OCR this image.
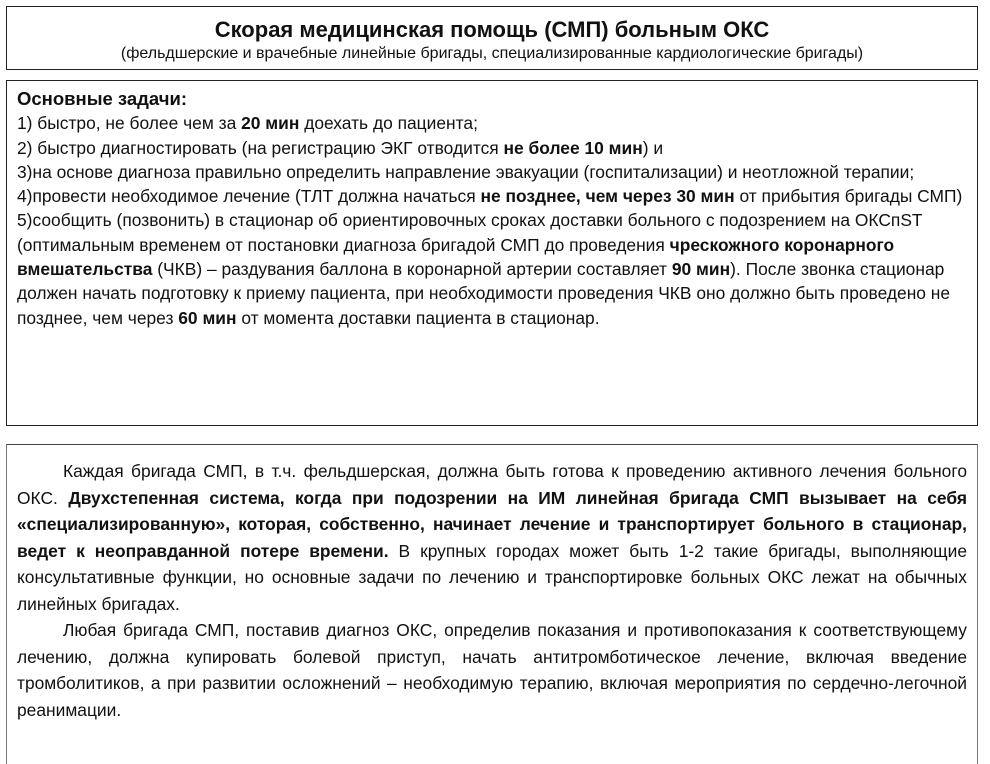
Скорая медицинская помощь (СМП) больным ОКС
(фельдшерские и врачебные линейные бригады, специализированные кардиологические бригады)
Основные задачи:

1) быстро, не более чем за 20 мин доехать до пациента;

2) быстро диагностировать (на регистрацию ЭКГ отводится не более 10 мин) и

3)на основе диагноза правильно определить направление эвакуации (госпитализации) и неотложной терапии;

4)провести необходимое лечение (ТЛТ должна начаться не позднее, чем через 30 мин от прибытия бригады СМП)

5)сообщить (позвонить) в стационар об ориентировочных сроках доставки больного с подозрением на ОКСпST (оптимальным временем от постановки диагноза бригадой СМП до проведения чрескожного коронарного вмешательства (ЧКВ) – раздувания баллона в коронарной артерии составляет 90 мин). После звонка стационар должен начать подготовку к приему пациента, при необходимости проведения ЧКВ оно должно быть проведено не позднее, чем через 60 мин от момента доставки пациента в стационар.

Каждая бригада СМП, в т.ч. фельдшерская, должна быть готова к проведению активного лечения больного ОКС. Двухстепенная система, когда при подозрении на ИМ линейная бригада СМП вызывает на себя «специализированную», которая, собственно, начинает лечение и транспортирует больного в стационар, ведет к неоправданной потере времени. В крупных городах может быть 1-2 такие бригады, выполняющие консультативные функции, но основные задачи по лечению и транспортировке больных ОКС лежат на обычных линейных бригадах.

Любая бригада СМП, поставив диагноз ОКС, определив показания и противопоказания к соответствующему лечению, должна купировать болевой приступ, начать антитромботическое лечение, включая введение тромболитиков, а при развитии осложнений – необходимую терапию, включая мероприятия по сердечно-легочной реанимации.
